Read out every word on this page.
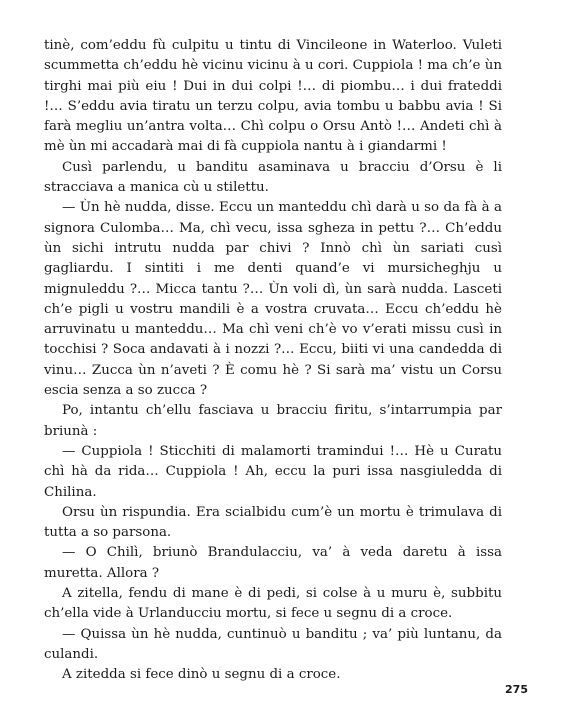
tinè, com’eddu fù culpitu u tintu di Vincileone in Waterloo. Vuleti scummetta ch’eddu hè vicinu vicinu à u cori. Cuppiola ! ma ch’e ùn tirghi mai più eiu ! Dui in dui colpi !… di piombu… i dui frateddi !… S’eddu avia tiratu un terzu colpu, avia tombu u babbu avia ! Si farà megliu un’antra volta… Chì colpu o Orsu Antò !… Andeti chì à mè ùn mi accadarà mai di fà cuppiola nantu à i giandarmi !

Cusì parlendu, u banditu asaminava u bracciu d’Orsu è li stracciava a manica cù u stilettu.

— Ùn hè nudda, disse. Eccu un manteddu chì darà u so da fà à a signora Culomba… Ma, chì vecu, issa sgheza in pettu ?… Ch’eddu ùn sichi intrutu nudda par chivi ? Innò chì ùn sariati cusì gagliardu. I sintiti i me denti quand’e vi mursicheghju u mignuleddu ?… Micca tantu ?… Ùn voli dì, ùn sarà nudda. Lasceti ch’e pigli u vostru mandili è a vostra cruvata… Eccu ch’eddu hè arruvinatu u manteddu… Ma chì veni ch’è vo v’erati missu cusì in tocchisi ? Soca andavati à i nozzi ?… Eccu, biiti vi una candedda di vinu… Zucca ùn n’aveti ? È comu hè ? Si sarà ma’ vistu un Corsu escia senza a so zucca ?

Po, intantu ch’ellu fasciava u bracciu firitu, s’intarrumpia par briunà :

— Cuppiola ! Sticchiti di malamorti tramindui !… Hè u Curatu chì hà da rida… Cuppiola ! Ah, eccu la puri issa nasgiuledda di Chilina.

Orsu ùn rispundia. Era scialbidu cum’è un mortu è trimulava di tutta a so parsona.

— O Chilì, briunò Brandulacciu, va’ à veda daretu à issa muretta. Allora ?

A zitella, fendu di mane è di pedi, si colse à u muru è, subbitu ch’ella vide à Urlanducciu mortu, si fece u segnu di a croce.

— Quissa ùn hè nudda, cuntinuò u banditu ; va’ più luntanu, da culandi.

A zitedda si fece dinò u segnu di a croce.

275
